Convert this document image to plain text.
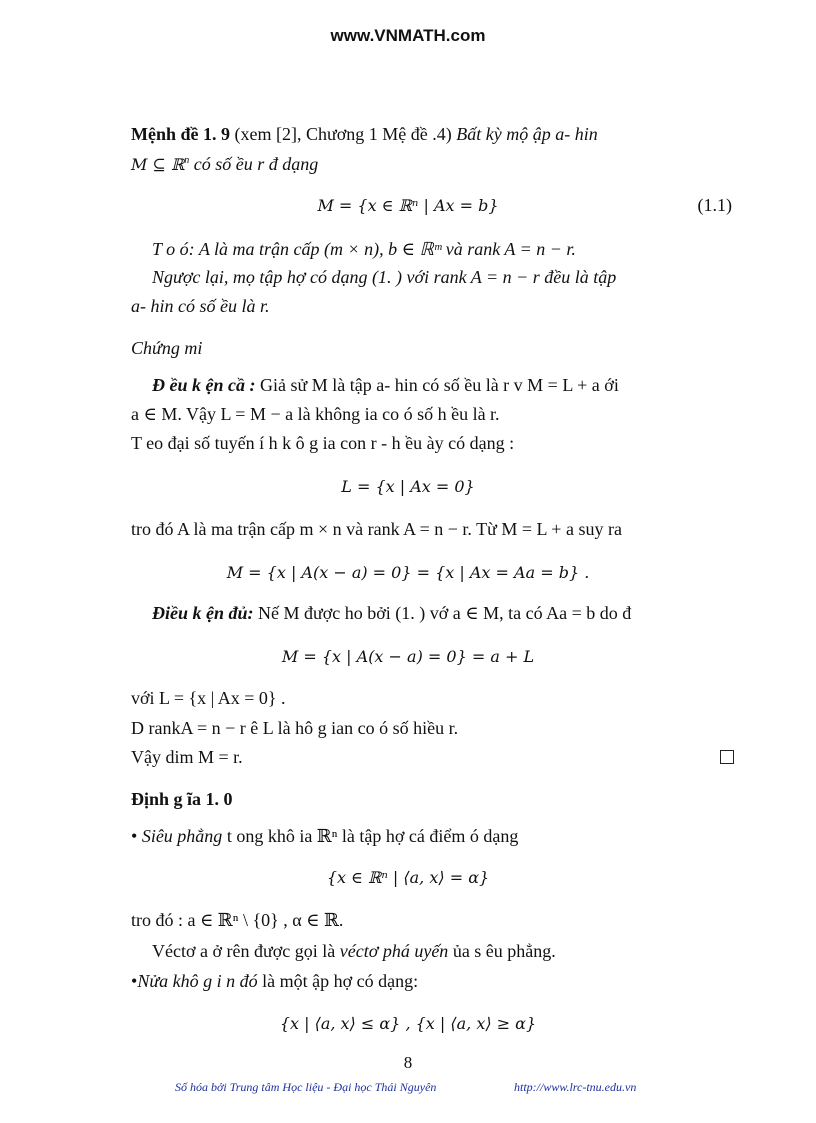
www.VNMATH.com
Mệnh đề 1. 9 (xem [2], Chương 1 Mệ đề .4) Bất kỳ mộ ập a- hin
M ⊆ ℝ$^n$ có số ều r đ dạng
M = {x ∈ ℝⁿ | Ax = b}	(1.1)
T o ó: A là ma trận cấp (m × n), b ∈ ℝᵐ và rank A = n − r.
Ngược lại, mọ tập hợ có dạng (1. ) với rank A = n − r đều là tập
a- hin có số ều là r.
Chứng mi
Đ ều k ện cầ : Giả sử M là tập a- hin có số ều là r v M = L + a ới
a ∈ M. Vậy L = M − a là không ia co ó số h ều là r.
T eo đại số tuyến í h k ô g ia con r - h ều ày có dạng :
L = {x | Ax = 0}
tro đó A là ma trận cấp m × n và rank A = n − r. Từ M = L + a suy ra
M = {x | A(x − a) = 0} = {x | Ax = Aa = b} .
Điều k ện đủ: Nế M được ho bởi (1. ) vớ a ∈ M, ta có Aa = b do đ
M = {x | A(x − a) = 0} = a + L
với L = {x | Ax = 0} .
D rankA = n − r ê L là hô g ian co ó số hiều r.
Vậy dim M = r.
Định g ĩa 1. 0
• Siêu phẳng t ong khô ia ℝⁿ là tập hợ cá điểm ó dạng
{x ∈ ℝⁿ | ⟨a, x⟩ = α}
tro đó : a ∈ ℝⁿ \ {0} , α ∈ ℝ.
Véctơ a ở rên được gọi là véctơ phá uyến ủa s êu phẳng.
•Nửa khô g i n đó là một ập hợ có dạng:
{x | ⟨a, x⟩ ≤ α} , {x | ⟨a, x⟩ ≥ α}
8
Số hóa bởi Trung tâm Học liệu - Đại học Thái Nguyên	http://www.lrc-tnu.edu.vn
